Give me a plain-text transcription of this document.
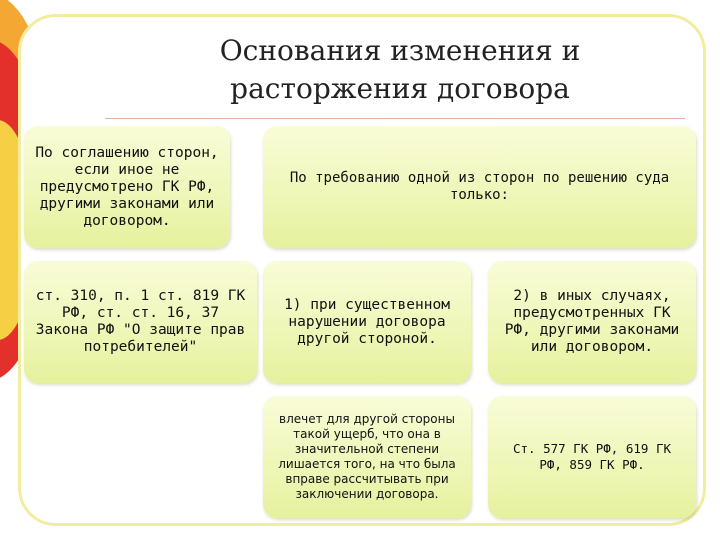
Основания изменения и
расторжения договора
По соглашению сторон, если иное не предусмотрено ГК РФ, другими законами или договором.
По требованию одной из сторон по решению суда только:
ст. 310, п. 1 ст. 819 ГК РФ, ст. ст. 16, 37 Закона РФ "О защите прав потребителей"
1) при существенном нарушении договора другой стороной.
2) в иных случаях, предусмотренных ГК РФ, другими законами или договором.
влечет для другой стороны такой ущерб, что она в значительной степени лишается того, на что была вправе рассчитывать при заключении договора.
Ст. 577 ГК РФ, 619 ГК РФ, 859 ГК РФ.
